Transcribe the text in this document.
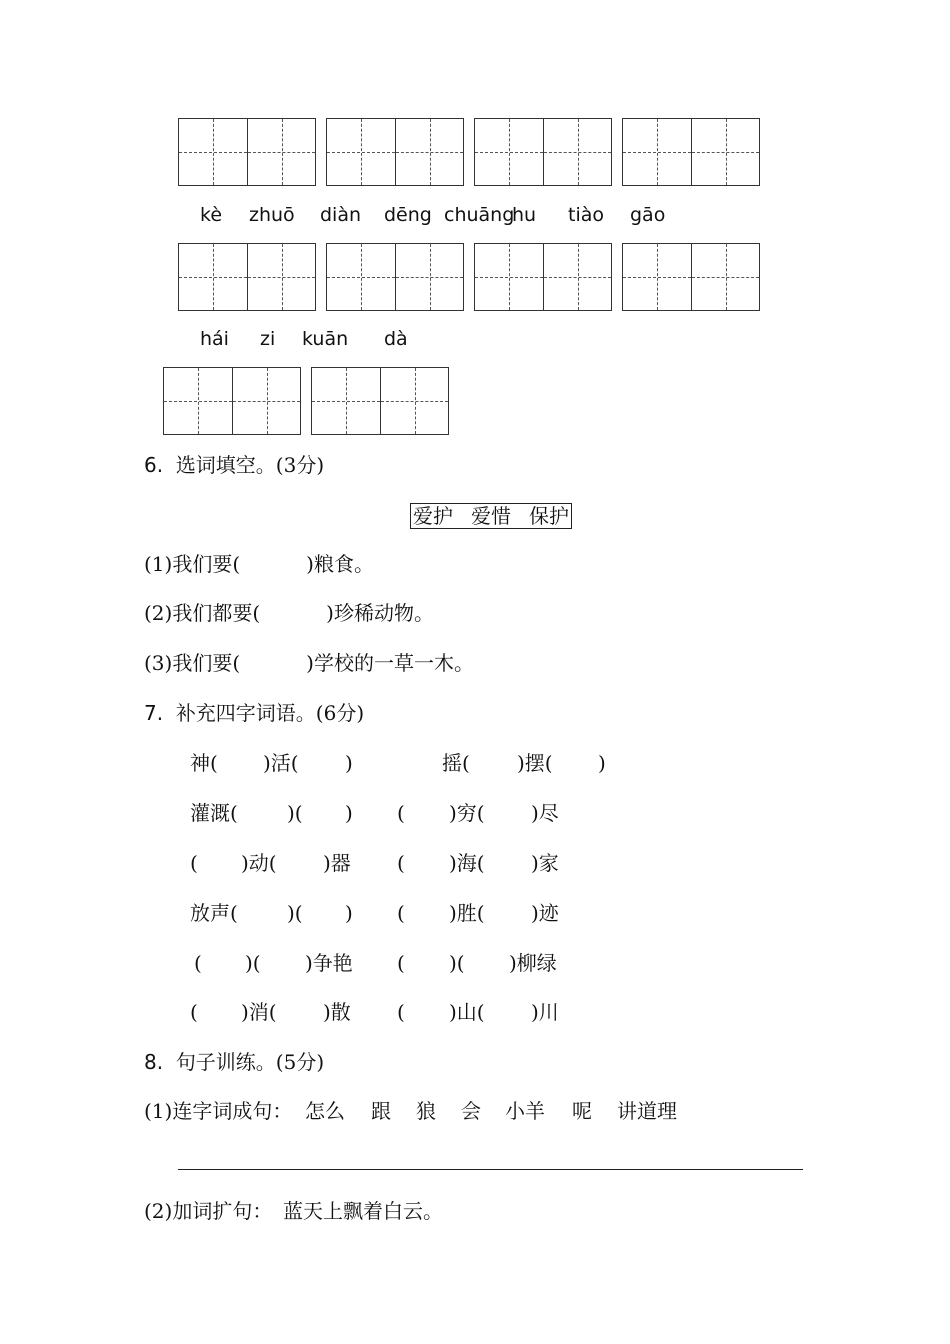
kè zhuō diàn dēng chuāng
hu tiào gāo
hái zi kuān dà
6. 选词填空。(3分)
爱护 爱惜 保护
(1)我们要(	)粮食。
(2)我们都要(	)珍稀动物。
(3)我们要(	)学校的一草一木。
7. 补充四字词语。(6分)
神( )活( )	摇( )摆( )
灌溉( )( ) ( )穷( )尽
( )动( )器 ( )海( )家
放声( )( ) ( )胜( )迹
( )( )争艳 ( )( )柳绿
( )消( )散 ( )山( )川
8. 句子训练。(5分)
(1)连字词成句： 怎么 跟 狼 会 小羊 呢 讲道理
(2)加词扩句： 蓝天上飘着白云。
